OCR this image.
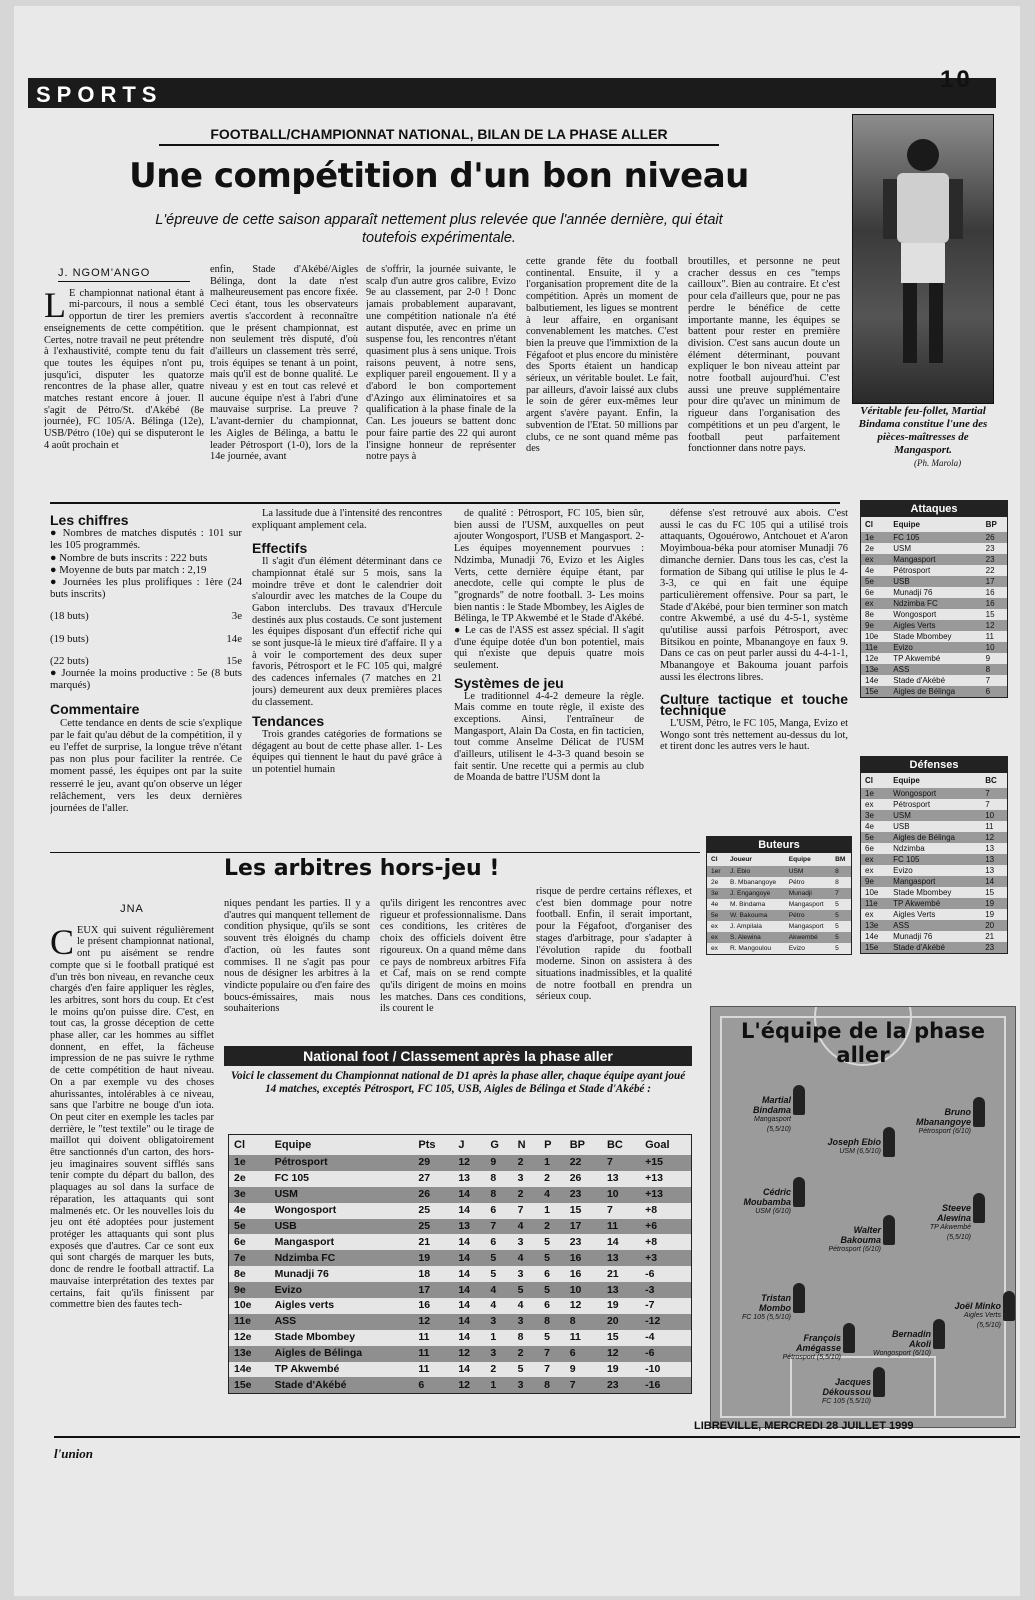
SPORTS
10
FOOTBALL/CHAMPIONNAT NATIONAL, BILAN DE LA PHASE ALLER
Une compétition d'un bon niveau
L'épreuve de cette saison apparaît nettement plus relevée que l'année dernière, qui était toutefois expérimentale.
J. NGOM'ANGO
L E championnat national étant à mi-parcours, il nous a semblé opportun de tirer les premiers enseignements de cette compétition. Certes, notre travail ne peut prétendre à l'exhaustivité, compte tenu du fait que toutes les équipes n'ont pu, jusqu'ici, disputer les quatorze rencontres de la phase aller, quatre matches restant encore à jouer. Il s'agit de Pétro/St. d'Akébé (8e journée), FC 105/A. Bélinga (12e), USB/Pétro (10e) qui se disputeront le 4 août prochain et
enfin, Stade d'Akébé/Aigles Bélinga, dont la date n'est malheureusement pas encore fixée. Ceci étant, tous les observateurs avertis s'accordent à reconnaître que le présent championnat, est non seulement très disputé, d'où d'ailleurs un classement très serré, trois équipes se tenant à un point, mais qu'il est de bonne qualité. Le niveau y est en tout cas relevé et aucune équipe n'est à l'abri d'une mauvaise surprise. La preuve ? L'avant-dernier du championnat, les Aigles de Bélinga, a battu le leader Pétrosport (1-0), lors de la 14e journée, avant
de s'offrir, la journée suivante, le scalp d'un autre gros calibre, Evizo 9e au classement, par 2-0 ! Donc jamais probablement auparavant, une compétition nationale n'a été autant disputée, avec en prime un suspense fou, les rencontres n'étant quasiment plus à sens unique. Trois raisons peuvent, à notre sens, expliquer pareil engouement. Il y a d'abord le bon comportement d'Azingo aux éliminatoires et sa qualification à la phase finale de la Can. Les joueurs se battent donc pour faire partie des 22 qui auront l'insigne honneur de représenter notre pays à
cette grande fête du football continental. Ensuite, il y a l'organisation proprement dite de la compétition. Après un moment de balbutiement, les ligues se montrent à leur affaire, en organisant convenablement les matches. C'est bien la preuve que l'immixtion de la Fégafoot et plus encore du ministère des Sports étaient un handicap sérieux, un véritable boulet. Le fait, par ailleurs, d'avoir laissé aux clubs le soin de gérer eux-mêmes leur argent s'avère payant. Enfin, la subvention de l'Etat. 50 millions par clubs, ce ne sont quand même pas des
broutilles, et personne ne peut cracher dessus en ces "temps cailloux". Bien au contraire. Et c'est pour cela d'ailleurs que, pour ne pas perdre le bénéfice de cette importante manne, les équipes se battent pour rester en première division. C'est sans aucun doute un élément déterminant, pouvant expliquer le bon niveau atteint par notre football aujourd'hui. C'est aussi une preuve supplémentaire pour dire qu'avec un minimum de rigueur dans l'organisation des compétitions et un peu d'argent, le football peut parfaitement fonctionner dans notre pays.
Véritable feu-follet, Martial Bindama constitue l'une des pièces-maîtresses de Mangasport.
(Ph. Marola)
Les chiffres
● Nombres de matches disputés : 101 sur les 105 programmés.
● Nombre de buts inscrits : 222 buts
● Moyenne de buts par match : 2,19
● Journées les plus prolifiques : 1ère (24 buts inscrits)
(18 buts)	3e
(19 buts)	14e
(22 buts)	15e
● Journée la moins productive : 5e (8 buts marqués)
Commentaire

Cette tendance en dents de scie s'explique par le fait qu'au début de la compétition, il y eu l'effet de surprise, la longue trêve n'étant pas non plus pour faciliter la rentrée. Ce moment passé, les équipes ont par la suite resserré le jeu, avant qu'on observe un léger relâchement, vers les deux dernières journées de l'aller.

La lassitude due à l'intensité des rencontres expliquant amplement cela.

Effectifs

Il s'agit d'un élément déterminant dans ce championnat étalé sur 5 mois, sans la moindre trêve et dont le calendrier doit s'alourdir avec les matches de la Coupe du Gabon interclubs. Des travaux d'Hercule destinés aux plus costauds. Ce sont justement les équipes disposant d'un effectif riche qui se sont jusque-là le mieux tiré d'affaire. Il y a à voir le comportement des deux super favoris, Pétrosport et le FC 105 qui, malgré des cadences infernales (7 matches en 21 jours) demeurent aux deux premières places du classement.

Tendances

Trois grandes catégories de formations se dégagent au bout de cette phase aller. 1- Les équipes qui tiennent le haut du pavé grâce à un potentiel humain

de qualité : Pétrosport, FC 105, bien sûr, bien aussi de l'USM, auxquelles on peut ajouter Wongosport, l'USB et Mangasport. 2- Les équipes moyennement pourvues : Ndzimba, Munadji 76, Evizo et les Aigles Verts, cette dernière équipe étant, par anecdote, celle qui compte le plus de "grognards" de notre football. 3- Les moins bien nantis : le Stade Mbombey, les Aigles de Bélinga, le TP Akwembé et le Stade d'Akébé. ● Le cas de l'ASS est assez spécial. Il s'agit d'une équipe dotée d'un bon potentiel, mais qui n'existe que depuis quatre mois seulement.

Systèmes de jeu

Le traditionnel 4-4-2 demeure la règle. Mais comme en toute règle, il existe des exceptions. Ainsi, l'entraîneur de Mangasport, Alain Da Costa, en fin tacticien, tout comme Anselme Délicat de l'USM d'ailleurs, utilisent le 4-3-3 quand besoin se fait sentir. Une recette qui a permis au club de Moanda de battre l'USM dont la

défense s'est retrouvé aux abois. C'est aussi le cas du FC 105 qui a utilisé trois attaquants, Ogouérowo, Antchouet et A'aron Moyimboua-béka pour atomiser Munadji 76 dimanche dernier. Dans tous les cas, c'est la formation de Sibang qui utilise le plus le 4-3-3, ce qui en fait une équipe particulièrement offensive. Pour sa part, le Stade d'Akébé, pour bien terminer son match contre Akwembé, a usé du 4-5-1, système qu'utilise aussi parfois Pétrosport, avec Bitsikou en pointe, Mbanangoye en faux 9. Dans ce cas on peut parler aussi du 4-4-1-1, Mbanangoye et Bakouma jouant parfois aussi les électrons libres.

Culture tactique et touche technique

L'USM, Pétro, le FC 105, Manga, Evizo et Wongo sont très nettement au-dessus du lot, et tirent donc les autres vers le haut.

Attaques
Cl	Equipe	BP
1e	FC 105	26
2e	USM	23
ex	Mangasport	23
4e	Pétrosport	22
5e	USB	17
6e	Munadji 76	16
ex	Ndzimba FC	16
8e	Wongosport	15
9e	Aigles Verts	12
10e	Stade Mbombey	11
11e	Evizo	10
12e	TP Akwembé	9
13e	ASS	8
14e	Stade d'Akébé	7
15e	Aigles de Bélinga	6
Défenses
Cl	Equipe	BC
1e	Wongosport	7
ex	Pétrosport	7
3e	USM	10
4e	USB	11
5e	Aigles de Bélinga	12
6e	Ndzimba	13
ex	FC 105	13
ex	Evizo	13
9e	Mangasport	14
10e	Stade Mbombey	15
11e	TP Akwembé	19
ex	Aigles Verts	19
13e	ASS	20
14e	Munadji 76	21
15e	Stade d'Akébé	23
Buteurs
Cl	Joueur	Equipe	BM
1er	J. Ebio	USM	8
2e	B. Mbanangoye	Pétro	8
3e	J. Engangoye	Munadji	7
4e	M. Bindama	Mangasport	5
5e	W. Bakouma	Pétro	5
ex	J. Ampilala	Mangasport	5
ex	S. Alewina	Akwembé	5
ex	R. Mangoulou	Evizo	5
Les arbitres hors-jeu !
JNA
C EUX qui suivent régulièrement le présent championnat national, ont pu aisément se rendre compte que si le football pratiqué est d'un très bon niveau, en revanche ceux chargés d'en faire appliquer les règles, les arbitres, sont hors du coup. Et c'est le moins qu'on puisse dire. C'est, en tout cas, la grosse déception de cette phase aller, car les hommes au sifflet donnent, en effet, la fâcheuse impression de ne pas suivre le rythme de cette compétition de haut niveau. On a par exemple vu des choses ahurissantes, intolérables à ce niveau, sans que l'arbitre ne bouge d'un iota. On peut citer en exemple les tacles par derrière, le "test textile" ou le tirage de maillot qui doivent obligatoirement être sanctionnés d'un carton, des hors-jeu imaginaires souvent sifflés sans tenir compte du départ du ballon, des plaquages au sol dans la surface de réparation, les attaquants qui sont malmenés etc. Or les nouvelles lois du jeu ont été adoptées pour justement protéger les attaquants qui sont plus exposés que d'autres. Car ce sont eux qui sont chargés de marquer les buts, donc de rendre le football attractif. La mauvaise interprétation des textes par certains, fait qu'ils finissent par commettre bien des fautes tech-
niques pendant les parties. Il y a d'autres qui manquent tellement de condition physique, qu'ils se sont souvent très éloignés du champ d'action, où les fautes sont commises. Il ne s'agit pas pour nous de désigner les arbitres à la vindicte populaire ou d'en faire des boucs-émissaires, mais nous souhaiterions
qu'ils dirigent les rencontres avec rigueur et professionnalisme. Dans ces conditions, les critères de choix des officiels doivent être rigoureux. On a quand même dans ce pays de nombreux arbitres Fifa et Caf, mais on se rend compte qu'ils dirigent de moins en moins les matches. Dans ces conditions, ils courent le
risque de perdre certains réflexes, et c'est bien dommage pour notre football. Enfin, il serait important, pour la Fégafoot, d'organiser des stages d'arbitrage, pour s'adapter à l'évolution rapide du football moderne. Sinon on assistera à des situations inadmissibles, et la qualité de notre football en prendra un sérieux coup.
National foot / Classement après la phase aller
Voici le classement du Championnat national de D1 après la phase aller, chaque équipe ayant joué 14 matches, exceptés Pétrosport, FC 105, USB, Aigles de Bélinga et Stade d'Akébé :
Cl	Equipe	Pts	J	G	N	P	BP	BC	Goal
1e	Pétrosport	29	12	9	2	1	22	7	+15
2e	FC 105	27	13	8	3	2	26	13	+13
3e	USM	26	14	8	2	4	23	10	+13
4e	Wongosport	25	14	6	7	1	15	7	+8
5e	USB	25	13	7	4	2	17	11	+6
6e	Mangasport	21	14	6	3	5	23	14	+8
7e	Ndzimba FC	19	14	5	4	5	16	13	+3
8e	Munadji 76	18	14	5	3	6	16	21	-6
9e	Evizo	17	14	4	5	5	10	13	-3
10e	Aigles verts	16	14	4	4	6	12	19	-7
11e	ASS	12	14	3	3	8	8	20	-12
12e	Stade Mbombey	11	14	1	8	5	11	15	-4
13e	Aigles de Bélinga	11	12	3	2	7	6	12	-6
14e	TP Akwembé	11	14	2	5	7	9	19	-10
15e	Stade d'Akébé	6	12	1	3	8	7	23	-16
L'équipe de la phase aller
Martial Bindama
Mangasport (5,5/10)
Bruno Mbanangoye
Pétrosport (6/10)
Joseph Ebio
USM (6,5/10)
Cédric Moubamba
USM (6/10)
Walter Bakouma
Pétrosport (6/10)
Steeve Alewina
TP Akwembé (5,5/10)
Tristan Mombo
FC 105 (5,5/10)
François Amégasse
Pétrosport (5,5/10)
Bernadin Akoli
Wongosport (6/10)
Joël Minko
Aigles Verts (5,5/10)
Jacques Dékoussou
FC 105 (5,5/10)
LIBREVILLE, MERCREDI 28 JUILLET 1999
l'union
